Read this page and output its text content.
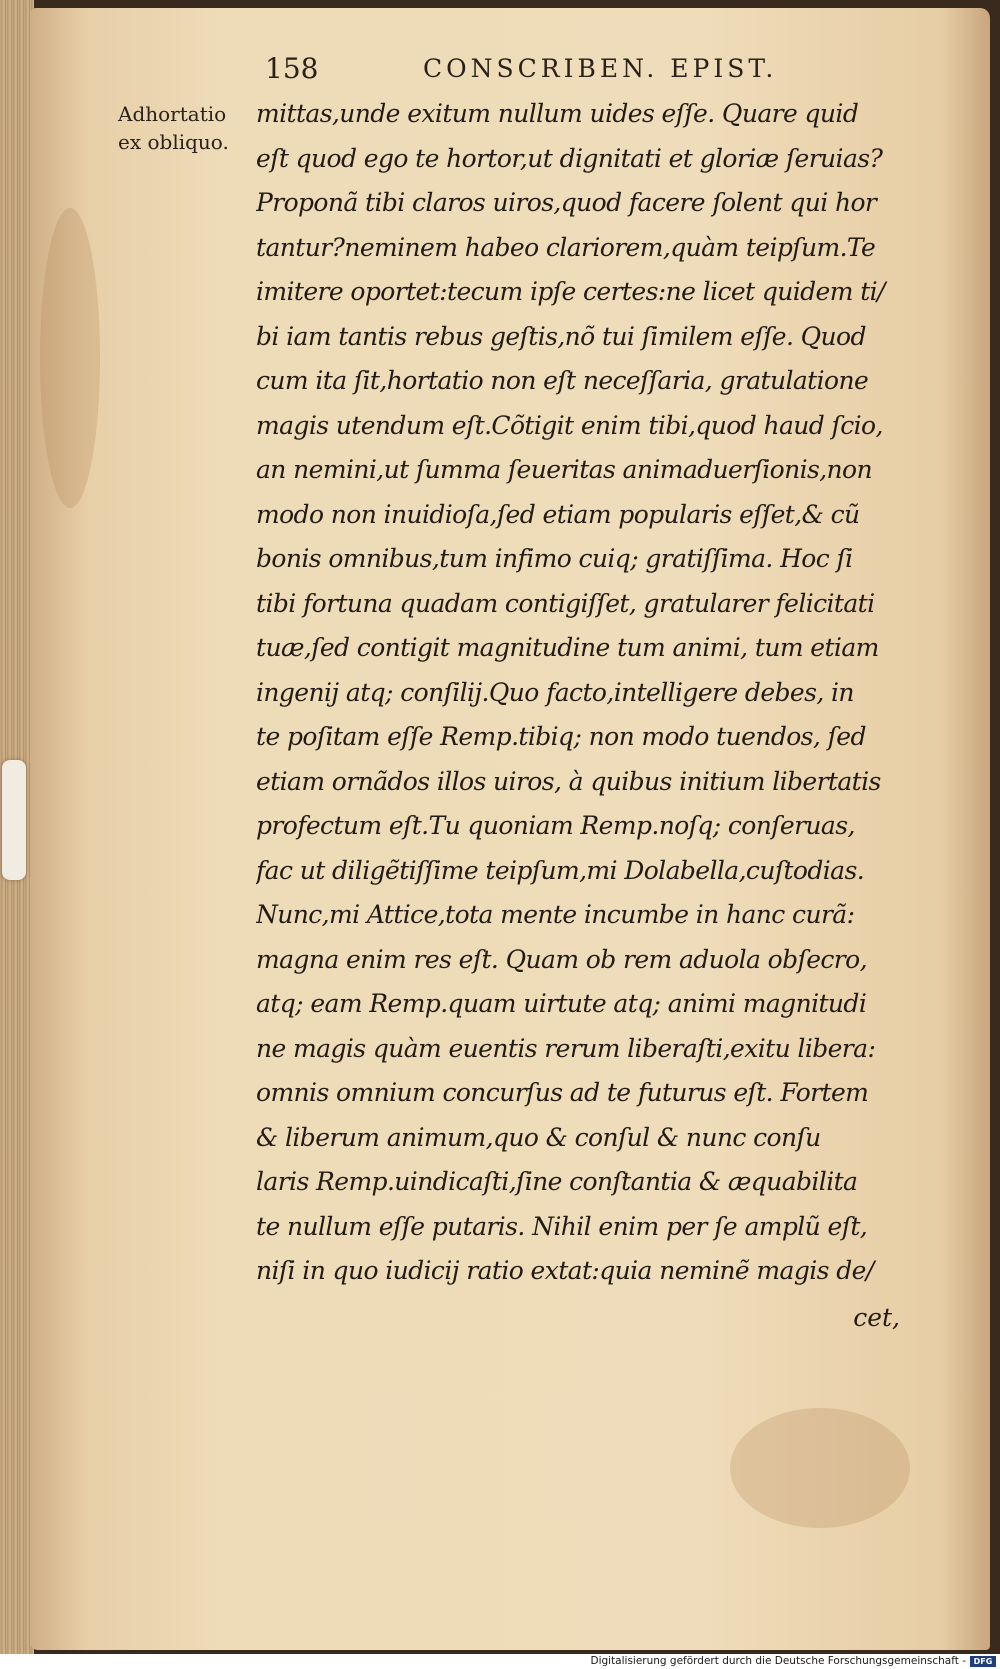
158	CONSCRIBEN. EPIST.
Adhortatio
ex obliquo.
mittas,unde exitum nullum uides eſſe. Quare quid
eſt quod ego te hortor,ut dignitati et gloriæ ſeruias?
Proponã tibi claros uiros,quod facere ſolent qui hor
tantur?neminem habeo clariorem,quàm teipſum.Te
imitere oportet:tecum ipſe certes:ne licet quidem ti/
bi iam tantis rebus geſtis,nõ tui ſimilem eſſe. Quod
cum ita ſit,hortatio non eſt neceſſaria, gratulatione
magis utendum eſt.Cõtigit enim tibi,quod haud ſcio,
an nemini,ut ſumma ſeueritas animaduerſionis,non
modo non inuidioſa,ſed etiam popularis eſſet,& cũ
bonis omnibus,tum infimo cuiq; gratiſſima. Hoc ſi
tibi fortuna quadam contigiſſet, gratularer felicitati
tuæ,ſed contigit magnitudine tum animi, tum etiam
ingenij atq; conſilij.Quo facto,intelligere debes, in
te poſitam eſſe Remp.tibiq; non modo tuendos, ſed
etiam ornãdos illos uiros, à quibus initium libertatis
profectum eſt.Tu quoniam Remp.noſq; conſeruas,
fac ut diligẽtiſſime teipſum,mi Dolabella,cuſtodias.
Nunc,mi Attice,tota mente incumbe in hanc curã:
magna enim res eſt. Quam ob rem aduola obſecro,
atq; eam Remp.quam uirtute atq; animi magnitudi
ne magis quàm euentis rerum liberaſti,exitu libera:
omnis omnium concurſus ad te futurus eſt. Fortem
& liberum animum,quo & conſul & nunc conſu
laris Remp.uindicaſti,ſine conſtantia & æquabilita
te nullum eſſe putaris. Nihil enim per ſe amplũ eſt,
niſi in quo iudicij ratio extat:quia neminẽ magis de/
cet,
Digitalisierung gefördert durch die Deutsche Forschungsgemeinschaft - DFG
